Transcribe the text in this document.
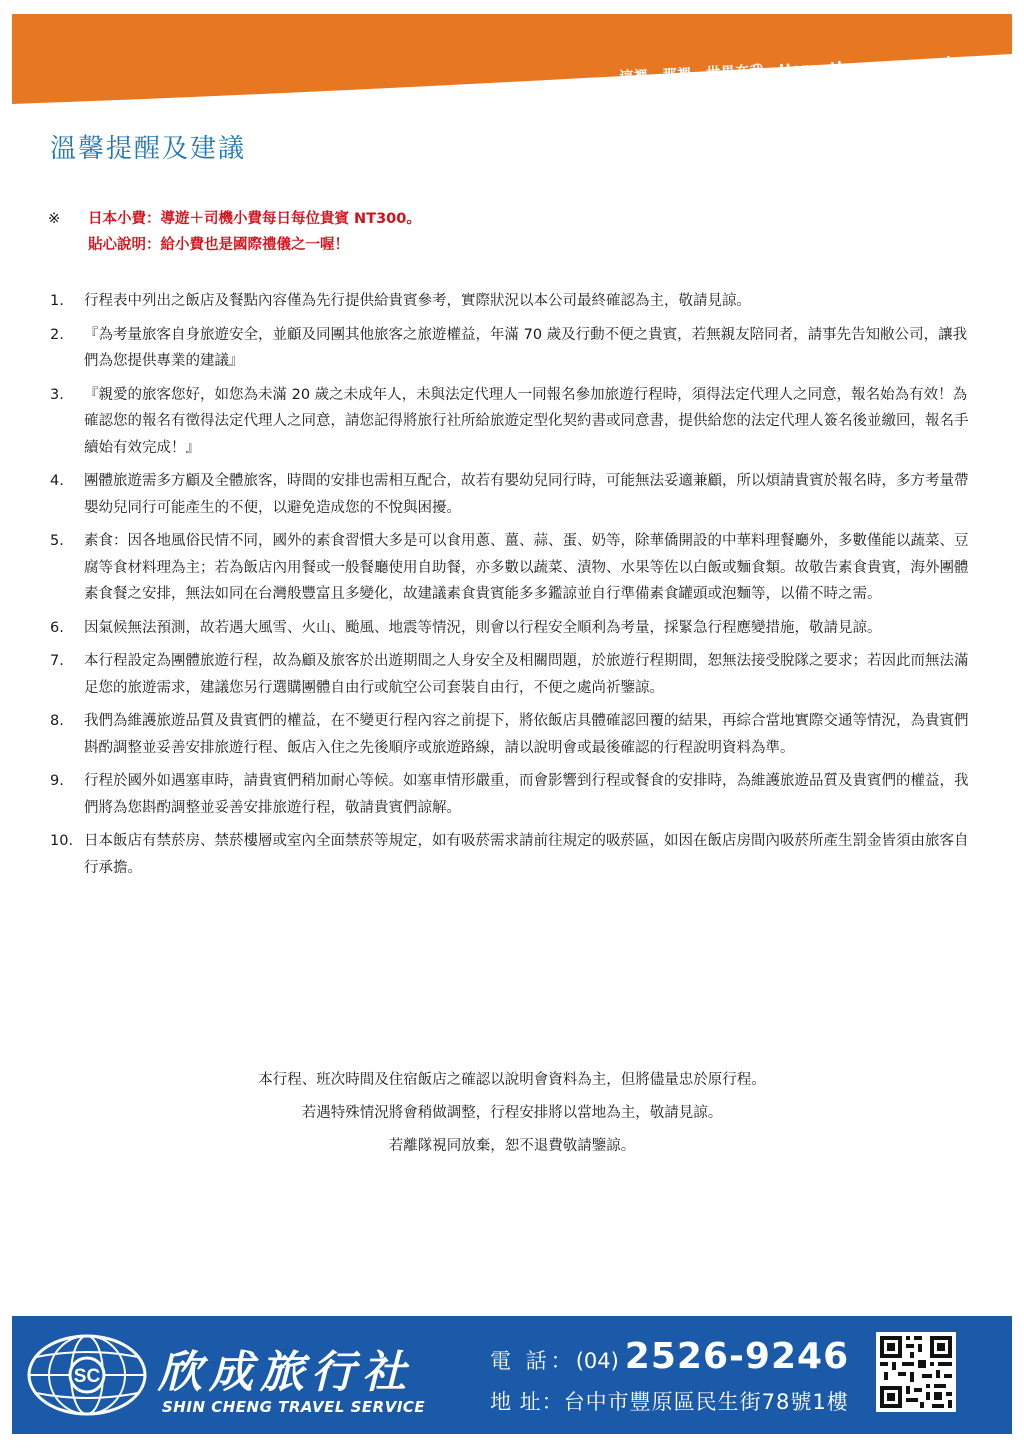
這裡，那裡，世界在我 Here, there, everywhere
溫馨提醒及建議
※ 日本小費：導遊＋司機小費每日每位貴賓 NT300。
貼心說明：給小費也是國際禮儀之一喔！
1.	行程表中列出之飯店及餐點內容僅為先行提供給貴賓參考，實際狀況以本公司最終確認為主，敬請見諒。
2.	『為考量旅客自身旅遊安全，並顧及同團其他旅客之旅遊權益，年滿 70 歲及行動不便之貴賓，若無親友陪同者，請事先告知敝公司，讓我們為您提供專業的建議』
3.	『親愛的旅客您好，如您為未滿 20 歲之未成年人，未與法定代理人一同報名參加旅遊行程時，須得法定代理人之同意，報名始為有效！為確認您的報名有徵得法定代理人之同意，請您記得將旅行社所給旅遊定型化契約書或同意書，提供給您的法定代理人簽名後並繳回，報名手續始有效完成！』
4.	團體旅遊需多方顧及全體旅客，時間的安排也需相互配合，故若有嬰幼兒同行時，可能無法妥適兼顧，所以煩請貴賓於報名時，多方考量帶嬰幼兒同行可能產生的不便，以避免造成您的不悅與困擾。
5.	素食：因各地風俗民情不同，國外的素食習慣大多是可以食用蔥、薑、蒜、蛋、奶等，除華僑開設的中華料理餐廳外，多數僅能以蔬菜、豆腐等食材料理為主；若為飯店內用餐或一般餐廳使用自助餐，亦多數以蔬菜、漬物、水果等佐以白飯或麵食類。故敬告素食貴賓，海外團體素食餐之安排，無法如同在台灣般豐富且多變化，故建議素食貴賓能多多鑑諒並自行準備素食罐頭或泡麵等，以備不時之需。
6.	因氣候無法預測，故若遇大風雪、火山、颱風、地震等情況，則會以行程安全順利為考量，採緊急行程應變措施，敬請見諒。
7.	本行程設定為團體旅遊行程，故為顧及旅客於出遊期間之人身安全及相關問題，於旅遊行程期間，恕無法接受脫隊之要求；若因此而無法滿足您的旅遊需求，建議您另行選購團體自由行或航空公司套裝自由行，不便之處尚祈鑒諒。
8.	我們為維護旅遊品質及貴賓們的權益，在不變更行程內容之前提下，將依飯店具體確認回覆的結果，再綜合當地實際交通等情況，為貴賓們斟酌調整並妥善安排旅遊行程、飯店入住之先後順序或旅遊路線，請以說明會或最後確認的行程說明資料為準。
9.	行程於國外如遇塞車時，請貴賓們稍加耐心等候。如塞車情形嚴重，而會影響到行程或餐食的安排時，為維護旅遊品質及貴賓們的權益，我們將為您斟酌調整並妥善安排旅遊行程，敬請貴賓們諒解。
10. 日本飯店有禁菸房、禁菸樓層或室內全面禁菸等規定，如有吸菸需求請前往規定的吸菸區，如因在飯店房間內吸菸所產生罰金皆須由旅客自行承擔。

本行程、班次時間及住宿飯店之確認以說明會資料為主，但將儘量忠於原行程。

若遇特殊情況將會稍做調整，行程安排將以當地為主，敬請見諒。

若離隊視同放棄，恕不退費敬請鑒諒。

SC 欣成旅行社
SHIN CHENG TRAVEL SERVICE
電 話： (04) 2526-9246
地 址：台中市豐原區民生街78號1樓
